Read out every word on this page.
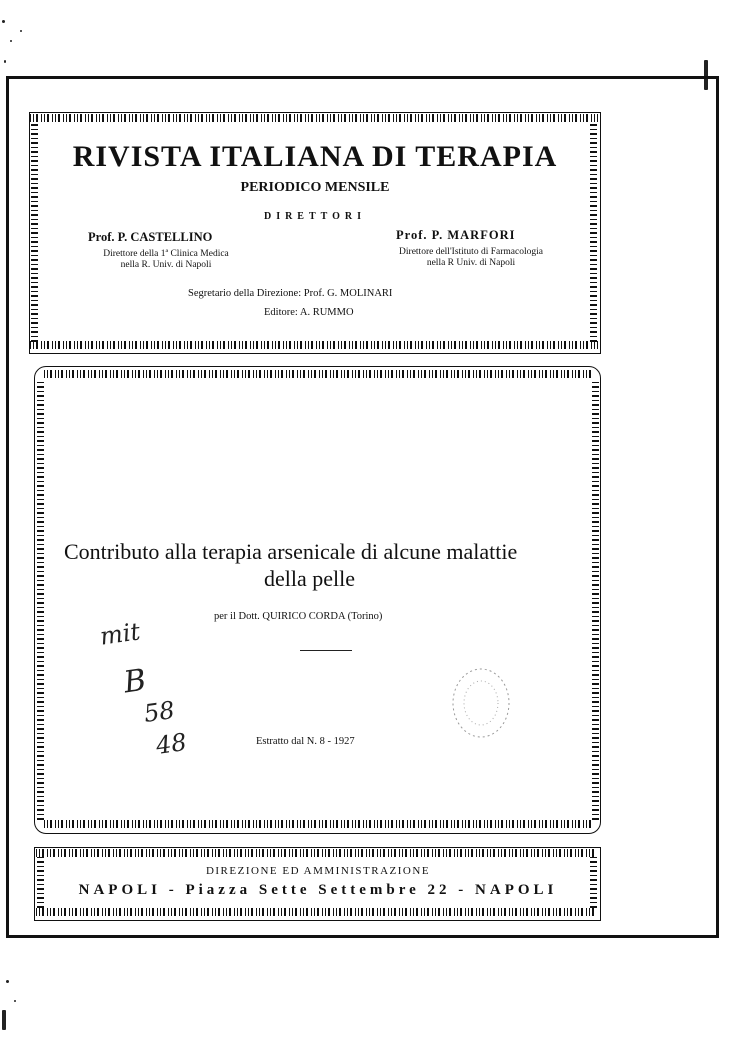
RIVISTA ITALIANA DI TERAPIA
PERIODICO MENSILE
DIRETTORI
Prof. P. CASTELLINO
Direttore della 1ª Clinica Medica
nella R. Univ. di Napoli
Prof. P. MARFORI
Direttore dell'Istituto di Farmacologia
nella R Univ. di Napoli
Segretario della Direzione: Prof. G. MOLINARI
Editore: A. RUMMO
Contributo alla terapia arsenicale di alcune malattie
della pelle
per il Dott. QUIRICO CORDA (Torino)
Estratto dal N. 8 - 1927
mit
B
58
48
DIREZIONE ED AMMINISTRAZIONE
NAPOLI - Piazza Sette Settembre 22 - NAPOLI
